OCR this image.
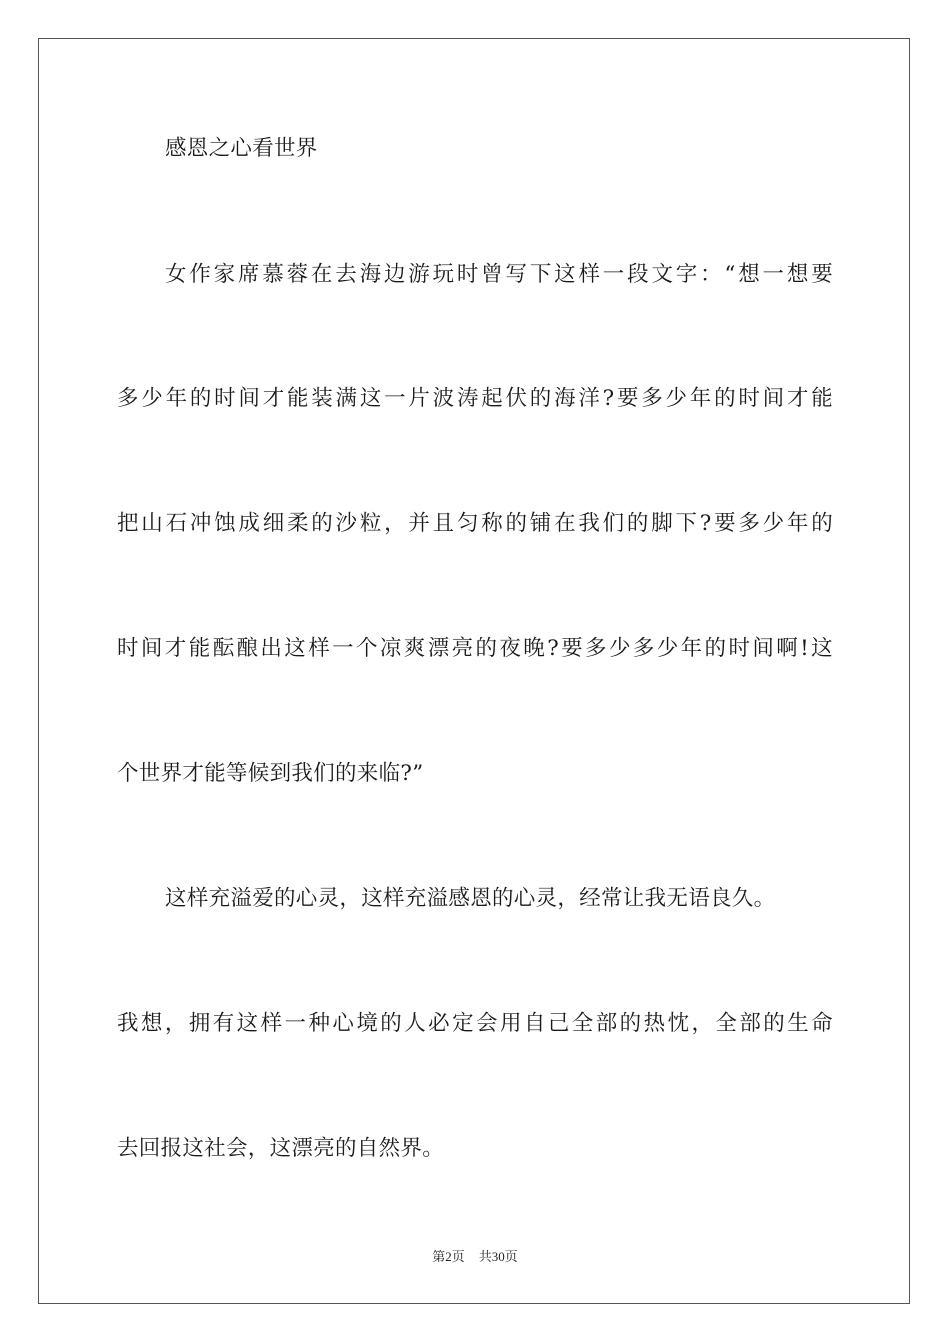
感恩之心看世界
女作家席慕蓉在去海边游玩时曾写下这样一段文字：“想一想要
多少年的时间才能装满这一片波涛起伏的海洋?要多少年的时间才能
把山石冲蚀成细柔的沙粒，并且匀称的铺在我们的脚下?要多少年的
时间才能酝酿出这样一个凉爽漂亮的夜晚?要多少多少年的时间啊!这
个世界才能等候到我们的来临?”
这样充溢爱的心灵，这样充溢感恩的心灵，经常让我无语良久。
我想，拥有这样一种心境的人必定会用自己全部的热忱，全部的生命
去回报这社会，这漂亮的自然界。
第2页 共30页
